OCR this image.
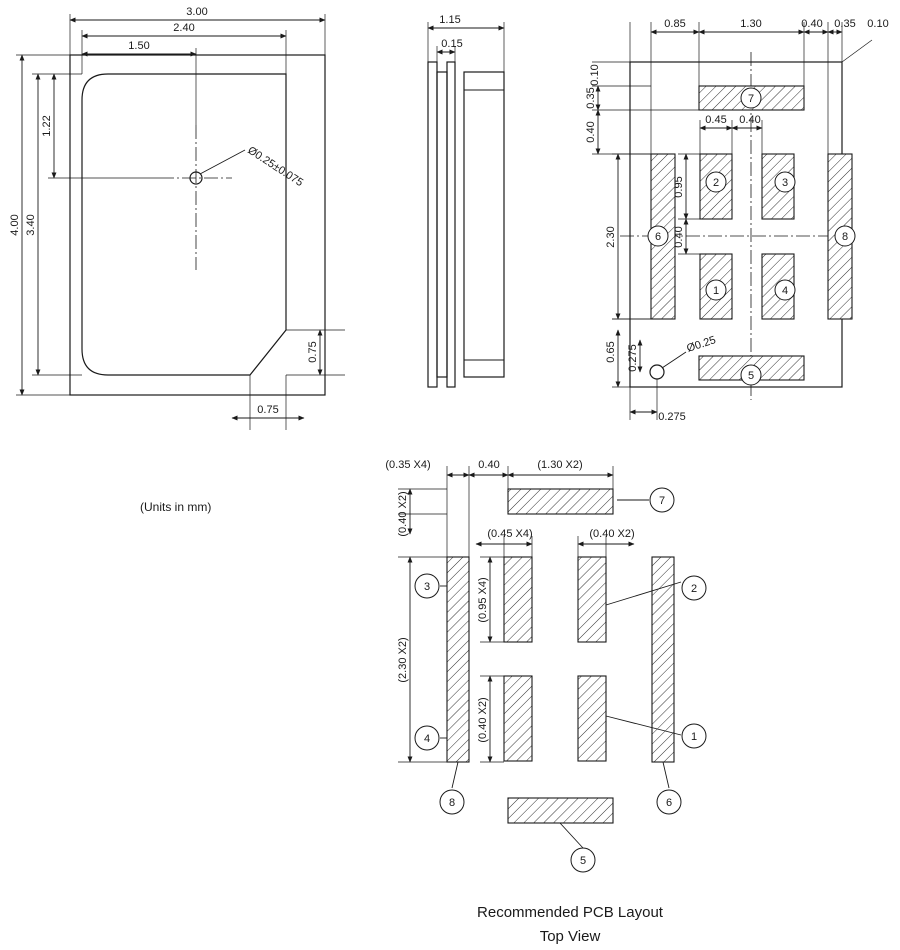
3.00
2.40
1.50
4.00 3.40
1.22
Ø0.25±0.075
0.75
0.75
(Units in mm)
1.15
0.15
7
2	3
6	8
1	4
5
0.85	1.30	0.40 0.35 0.10
0.10
0.35
0.40
2.30
0.65 0.275
0.45 0.40
0.95
0.40
0.275
Ø0.25
(0.35 X4)	0.40	(1.30 X2)
(0.40 X2)
(2.30 X2)
(0.45 X4)	(0.40 X2)
(0.95 X4)
(0.40 X2)
7
3	2
4	1
8	6
5
Recommended PCB Layout
Top View
